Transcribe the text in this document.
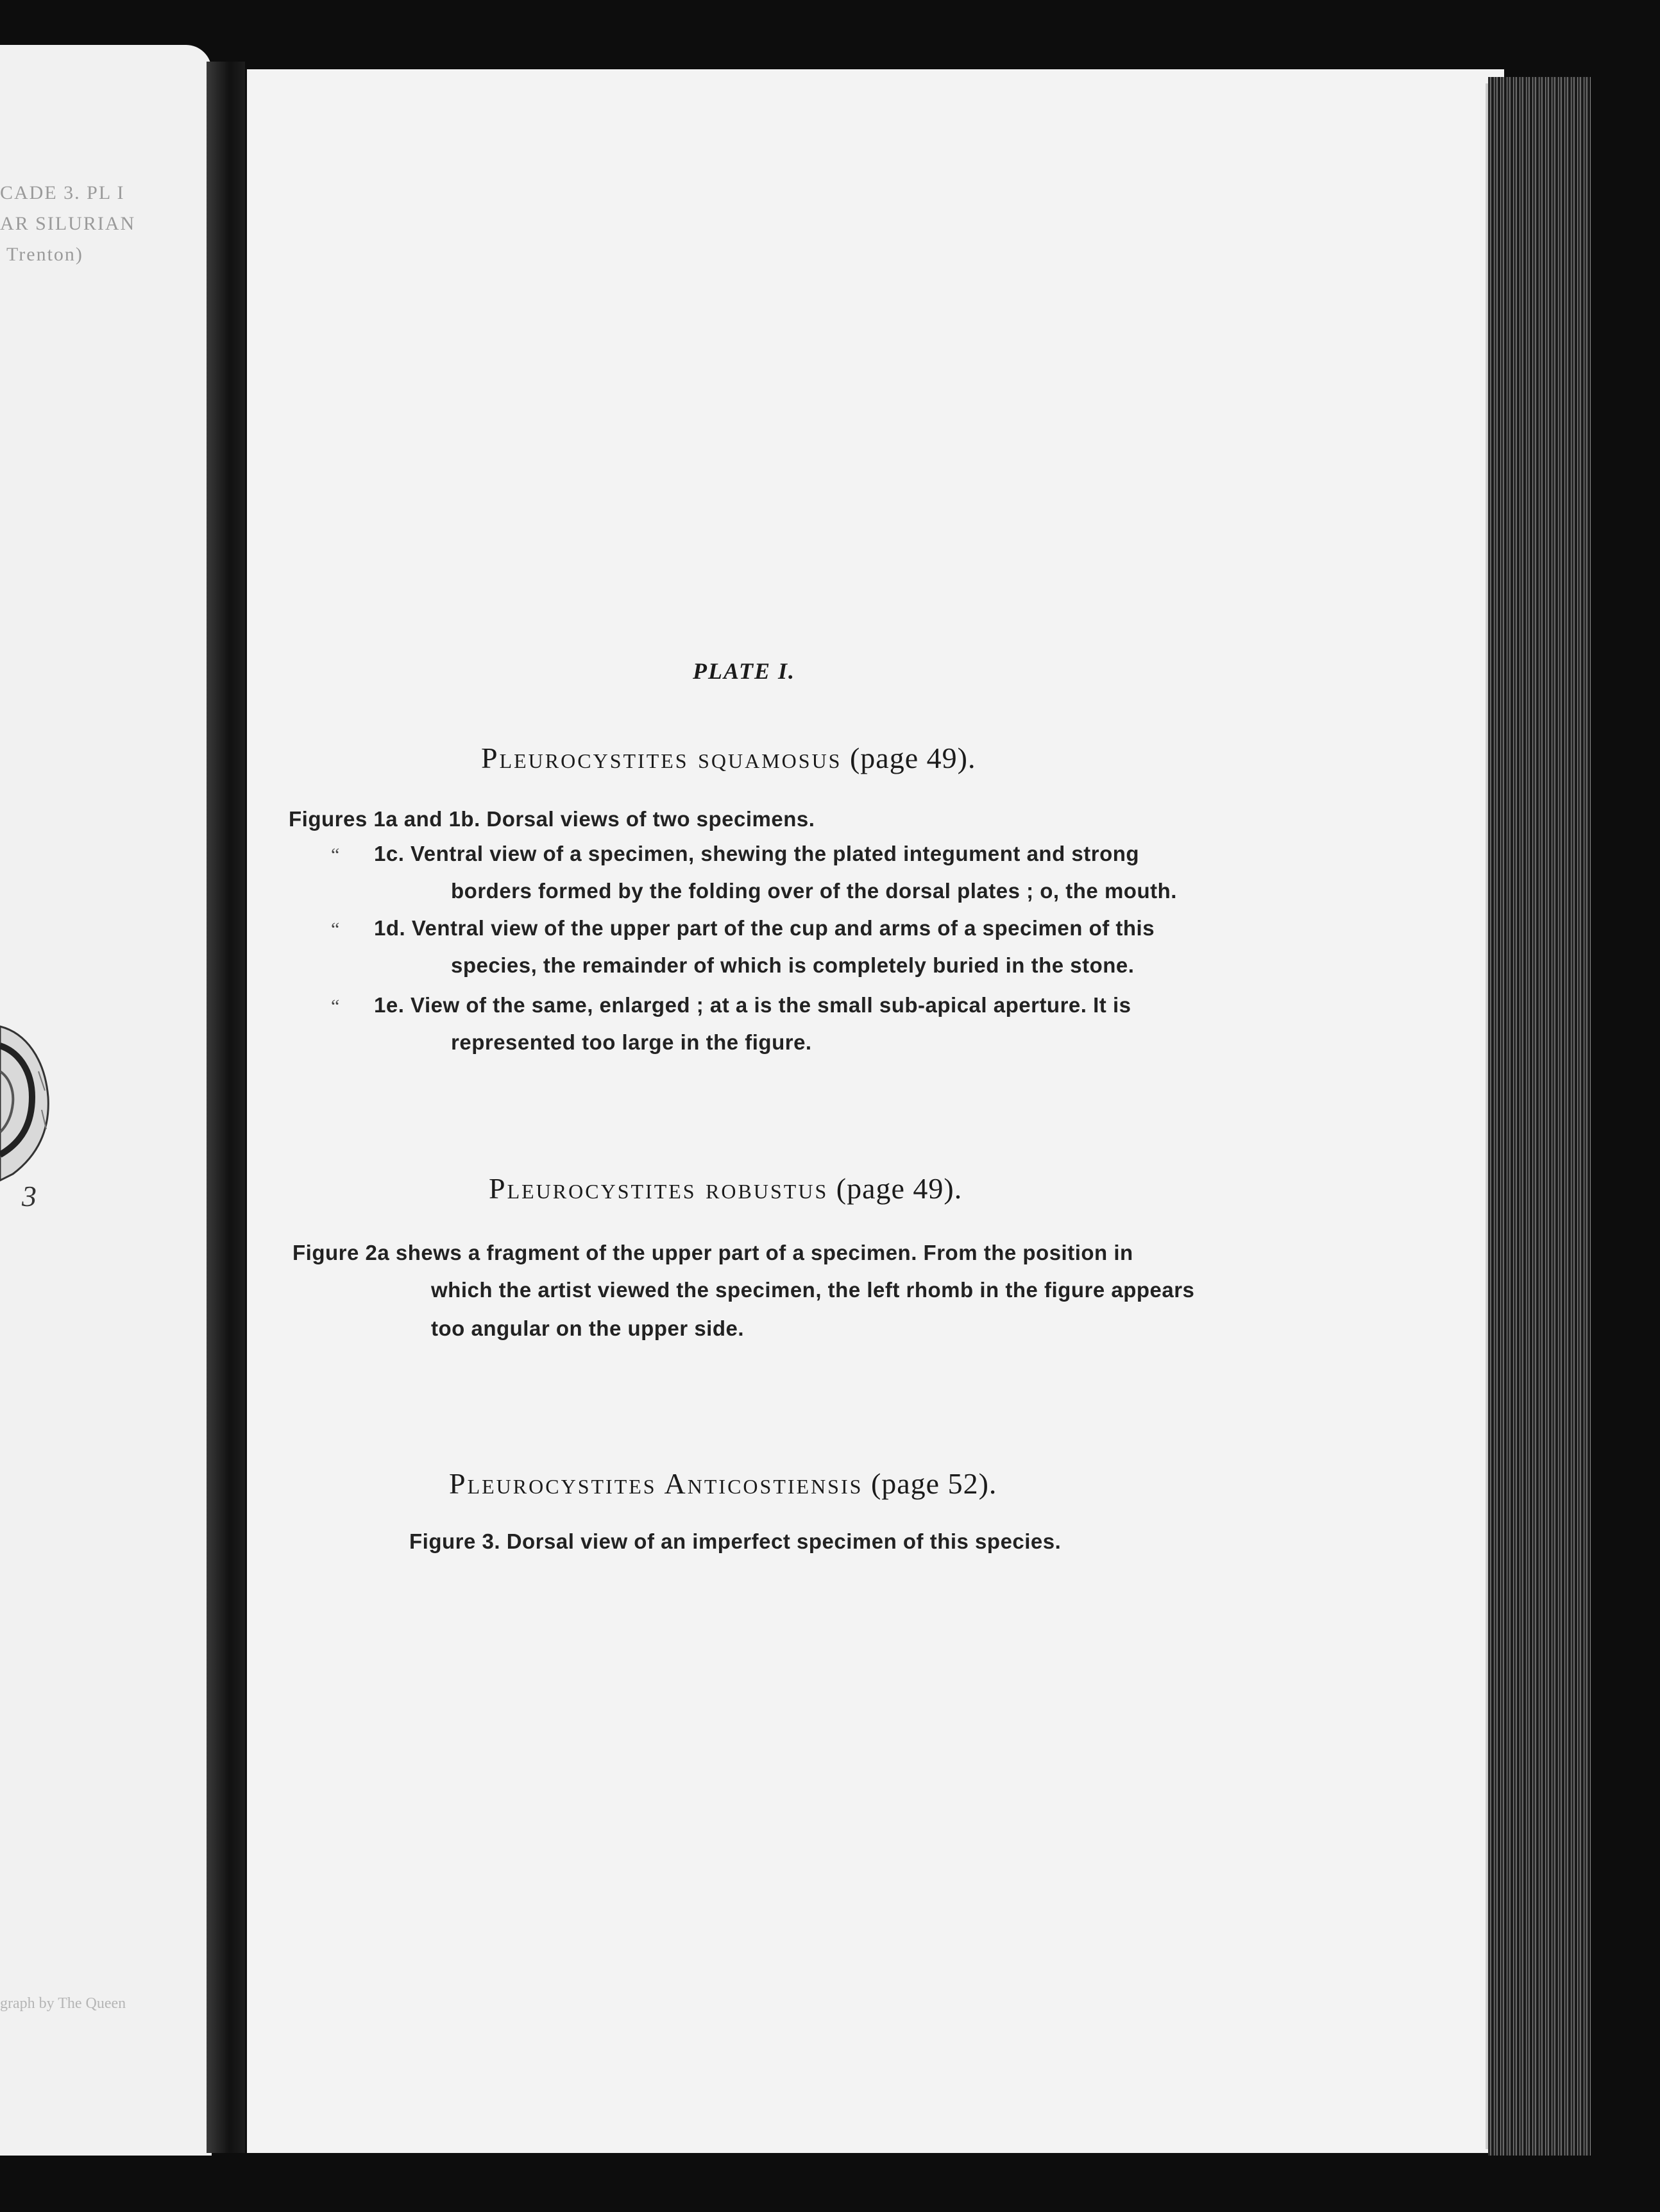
CADE 3. PL I
AR SILURIAN
Trenton)
3
graph by The Queen
PLATE I.
Pleurocystites squamosus (page 49).
Figures 1a and 1b. Dorsal views of two specimens.
“ 1c. Ventral view of a specimen, shewing the plated integument and strong
borders formed by the folding over of the dorsal plates ; o, the mouth.
“ 1d. Ventral view of the upper part of the cup and arms of a specimen of this
species, the remainder of which is completely buried in the stone.
“ 1e. View of the same, enlarged ; at a is the small sub-apical aperture. It is
represented too large in the figure.
Pleurocystites robustus (page 49).
Figure 2a shews a fragment of the upper part of a specimen. From the position in
which the artist viewed the specimen, the left rhomb in the figure appears
too angular on the upper side.
Pleurocystites Anticostiensis (page 52).
Figure 3. Dorsal view of an imperfect specimen of this species.
